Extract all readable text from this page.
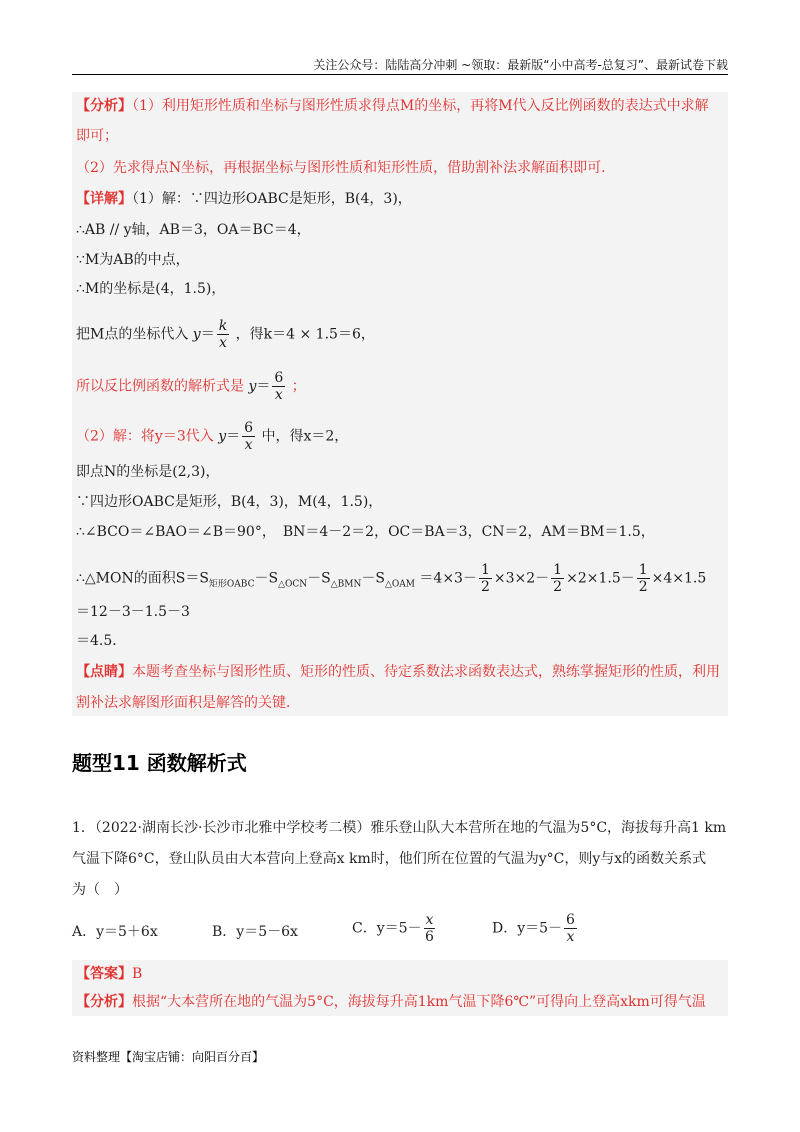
关注公众号：陆陆高分冲刺 ~领取：最新版“小中高考-总复习”、最新试卷下载
【分析】（1）利用矩形性质和坐标与图形性质求得点M的坐标，再将M代入反比例函数的表达式中求解
即可；
（2）先求得点N坐标，再根据坐标与图形性质和矩形性质，借助割补法求解面积即可．
【详解】（1）解：∵四边形OABC是矩形，B(4，3)，
∴AB // y轴，AB＝3，OA＝BC＝4，
∵M为AB的中点，
∴M的坐标是(4，1.5)，
把M点的坐标代入 $y= \frac{k}{x}$ ，得k＝4 × 1.5＝6，
所以反比例函数的解析式是 $y= \frac{6}{x}$ ；
（2）解：将y＝3代入 $y= \frac{6}{x}$ 中，得x＝2，
即点N的坐标是(2,3)，
∵四边形OABC是矩形，B(4，3)，M(4，1.5)，
∴∠BCO＝∠BAO＝∠B＝90°，　BN＝4－2＝2，OC＝BA＝3，CN＝2，AM＝BM＝1.5，
∴△MON的面积$S=S_{矩形OABC}-S_{\triangle OCN}-S_{\triangle BMN}-S_{\triangle OAM} =4\times 3- \frac{1}{2} \times 3\times 2- \frac{1}{2} \times 2\times 1.5- \frac{1}{2} \times 4\times 1.5$
＝12－3－1.5－3
＝4.5．
【点睛】本题考查坐标与图形性质、矩形的性质、待定系数法求函数表达式，熟练掌握矩形的性质，利用
割补法求解图形面积是解答的关键．
题型11 函数解析式
1．（2022·湖南长沙·长沙市北雅中学校考二模）雅乐登山队大本营所在地的气温为5°C，海拔每升高1 km
气温下降6°C，登山队员由大本营向上登高x km时，他们所在位置的气温为y°C，则y与x的函数关系式
为（　）
A．y＝5＋6x	B．y＝5－6x	C．$y=5- \frac{x}{6}$	D．$y=5- \frac{6}{x}$
【答案】B
【分析】根据“大本营所在地的气温为5°C，海拔每升高1km气温下降6℃”可得向上登高xkm可得气温
资料整理【淘宝店铺：向阳百分百】
